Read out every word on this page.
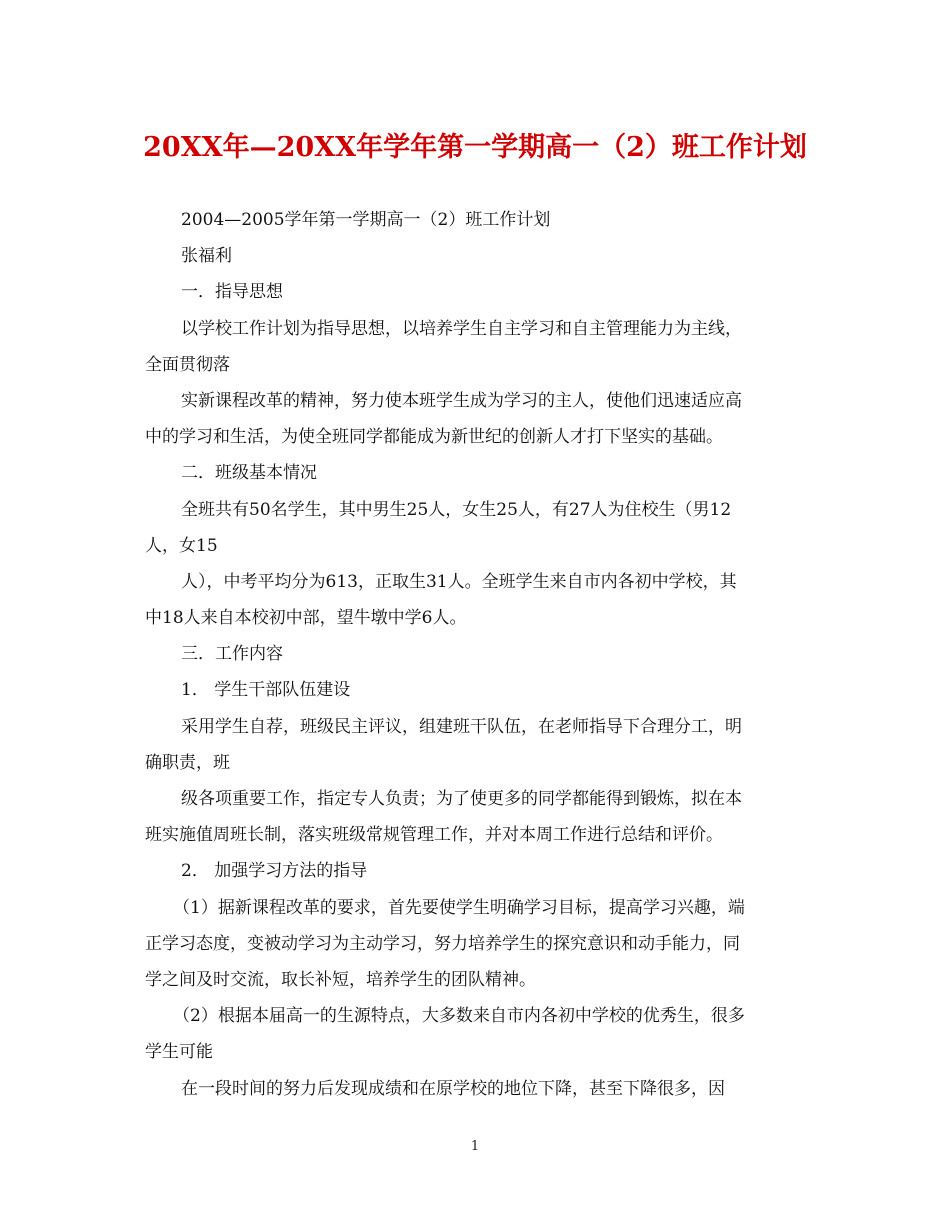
20XX年—20XX年学年第一学期高一（2）班工作计划
2004—2005学年第一学期高一（2）班工作计划
张福利
一．指导思想
以学校工作计划为指导思想，以培养学生自主学习和自主管理能力为主线，
全面贯彻落
实新课程改革的精神，努力使本班学生成为学习的主人，使他们迅速适应高
中的学习和生活，为使全班同学都能成为新世纪的创新人才打下坚实的基础。
二．班级基本情况
全班共有50名学生，其中男生25人，女生25人，有27人为住校生（男12
人，女15
人），中考平均分为613，正取生31人。全班学生来自市内各初中学校，其
中18人来自本校初中部，望牛墩中学6人。
三．工作内容
1． 学生干部队伍建设
采用学生自荐，班级民主评议，组建班干队伍，在老师指导下合理分工，明
确职责，班
级各项重要工作，指定专人负责；为了使更多的同学都能得到锻炼，拟在本
班实施值周班长制，落实班级常规管理工作，并对本周工作进行总结和评价。
2． 加强学习方法的指导
（1）据新课程改革的要求，首先要使学生明确学习目标，提高学习兴趣，端
正学习态度，变被动学习为主动学习，努力培养学生的探究意识和动手能力，同
学之间及时交流，取长补短，培养学生的团队精神。
（2）根据本届高一的生源特点，大多数来自市内各初中学校的优秀生，很多
学生可能
在一段时间的努力后发现成绩和在原学校的地位下降，甚至下降很多，因
1
